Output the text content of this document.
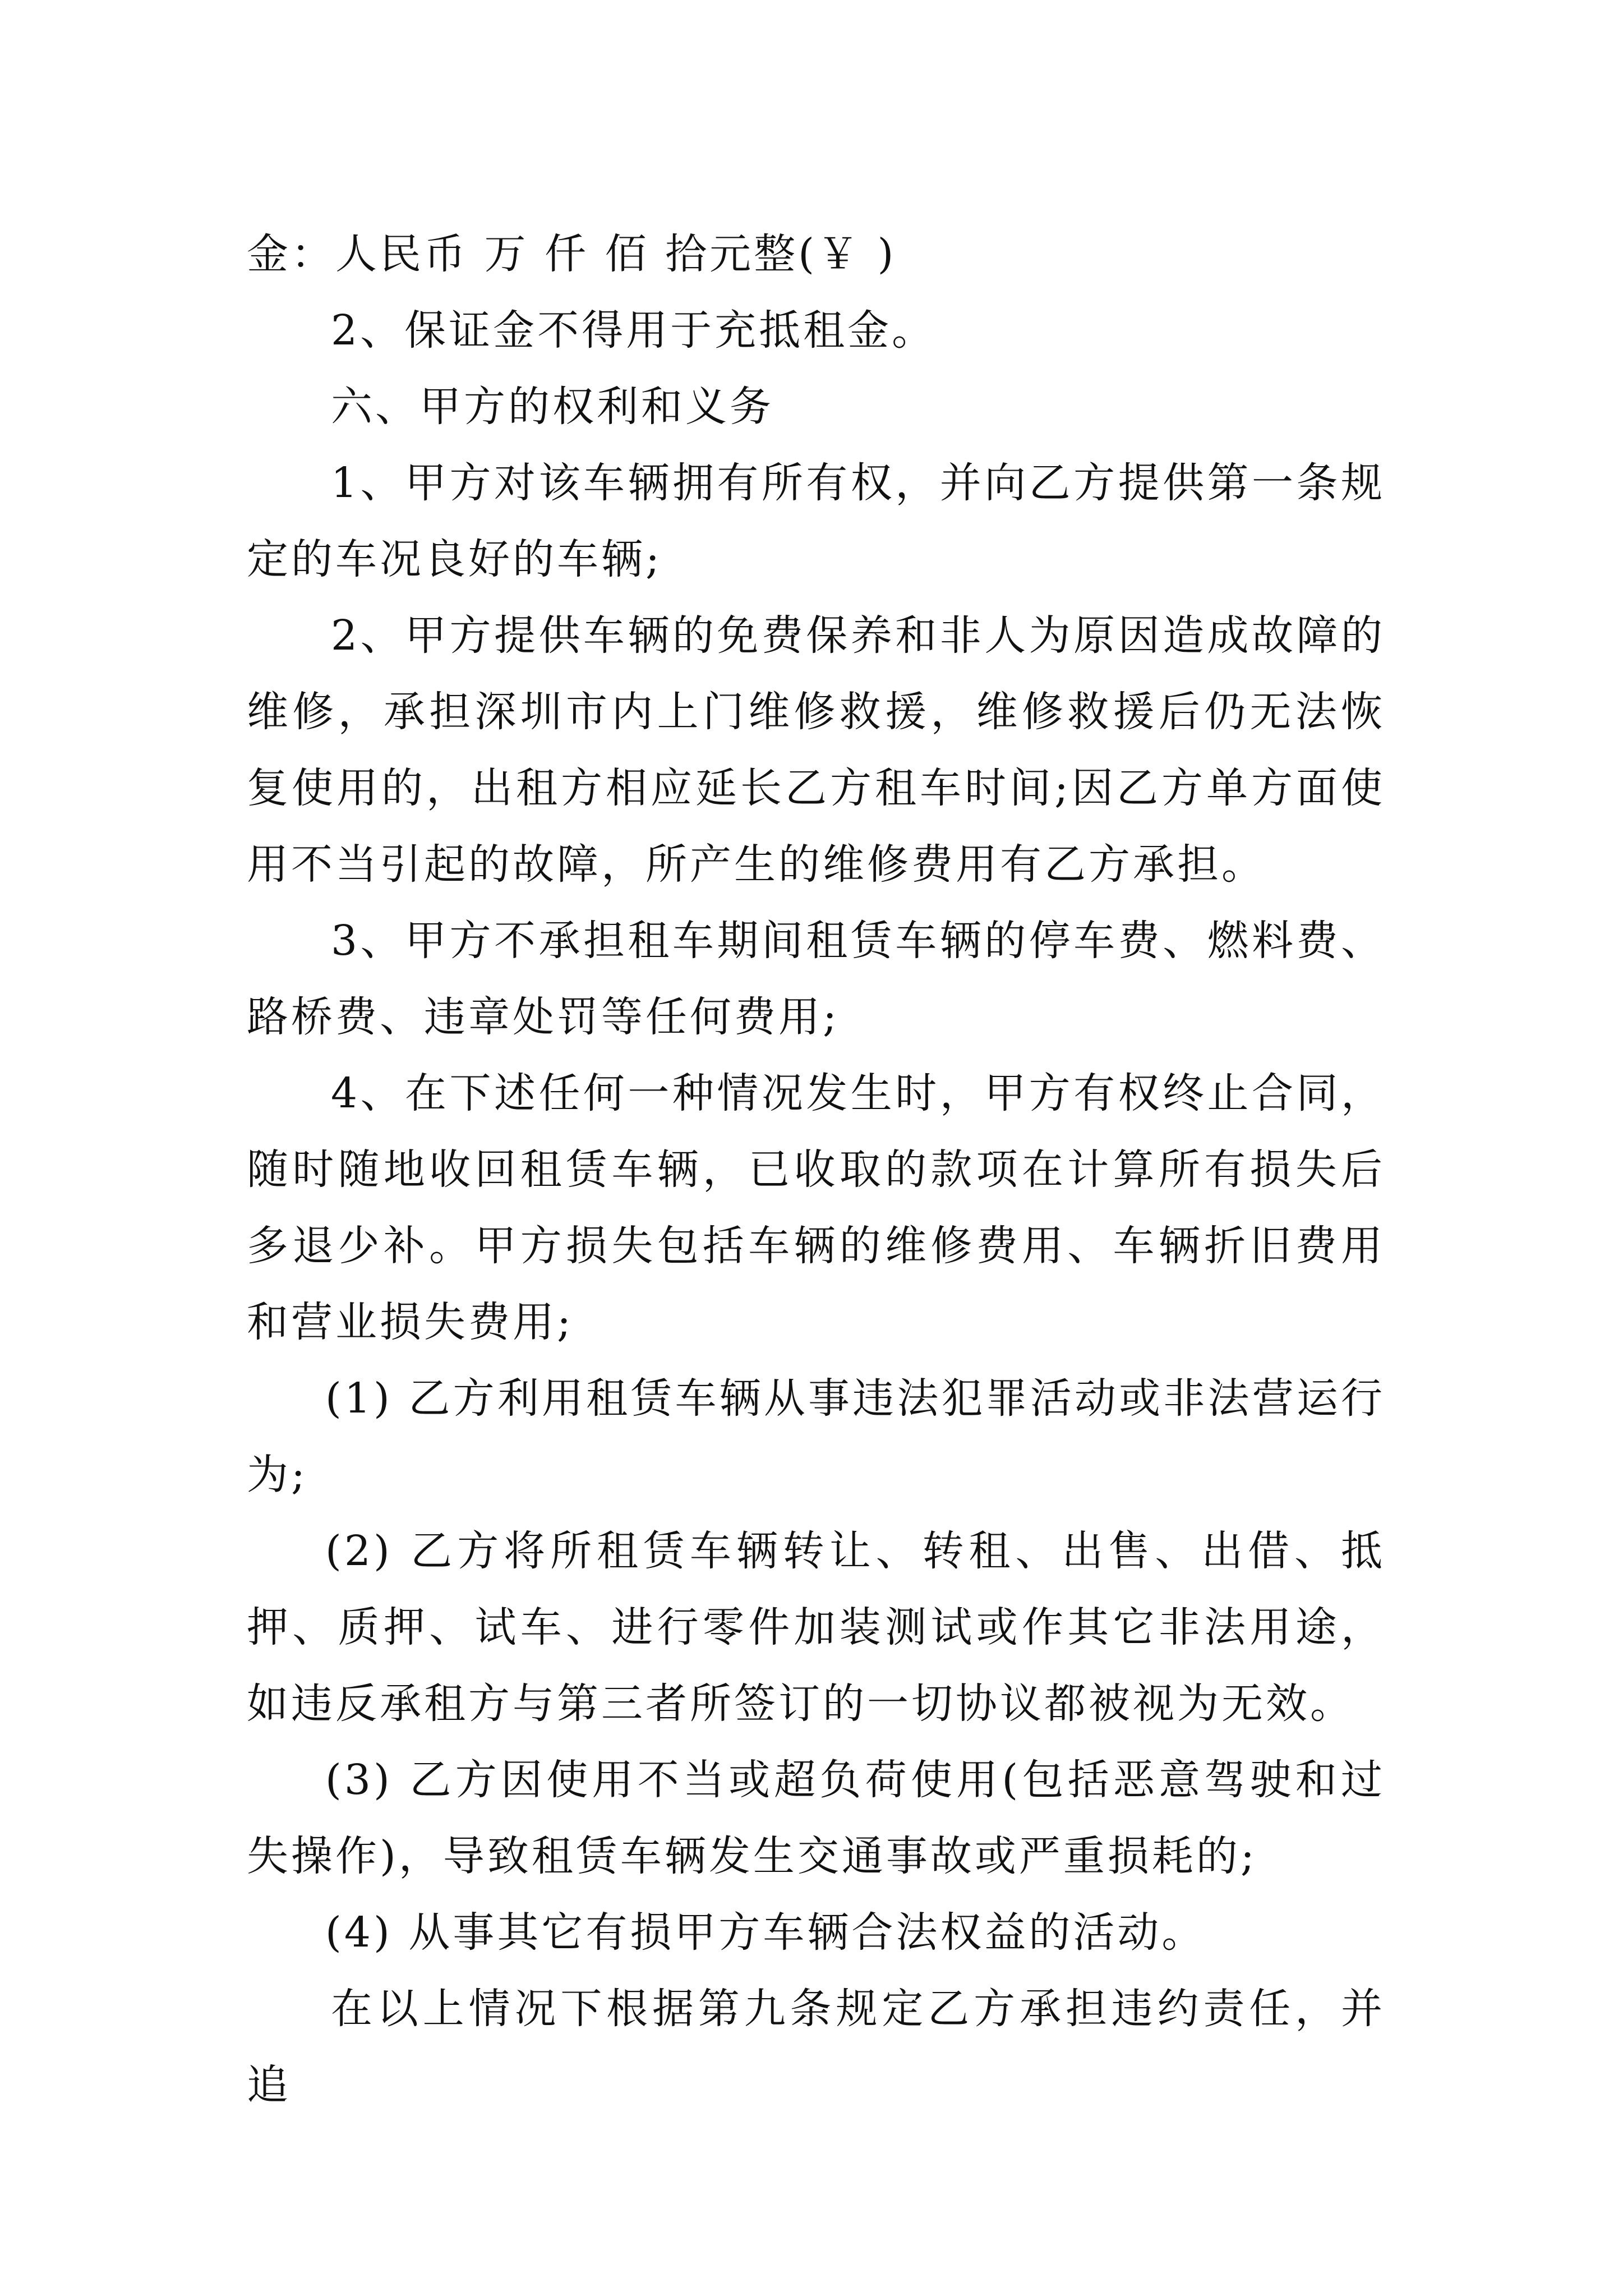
金：人民币 万 仟 佰 拾元整(￥ )

2、保证金不得用于充抵租金。

六、甲方的权利和义务

1、甲方对该车辆拥有所有权，并向乙方提供第一条规定的车况良好的车辆;

2、甲方提供车辆的免费保养和非人为原因造成故障的维修，承担深圳市内上门维修救援，维修救援后仍无法恢复使用的，出租方相应延长乙方租车时间;因乙方单方面使用不当引起的故障，所产生的维修费用有乙方承担。

3、甲方不承担租车期间租赁车辆的停车费、燃料费、路桥费、违章处罚等任何费用;

4、在下述任何一种情况发生时，甲方有权终止合同，随时随地收回租赁车辆，已收取的款项在计算所有损失后多退少补。甲方损失包括车辆的维修费用、车辆折旧费用和营业损失费用;

(1) 乙方利用租赁车辆从事违法犯罪活动或非法营运行为;

(2) 乙方将所租赁车辆转让、转租、出售、出借、抵押、质押、试车、进行零件加装测试或作其它非法用途，如违反承租方与第三者所签订的一切协议都被视为无效。

(3) 乙方因使用不当或超负荷使用(包括恶意驾驶和过失操作)，导致租赁车辆发生交通事故或严重损耗的;

(4) 从事其它有损甲方车辆合法权益的活动。

在以上情况下根据第九条规定乙方承担违约责任，并追
